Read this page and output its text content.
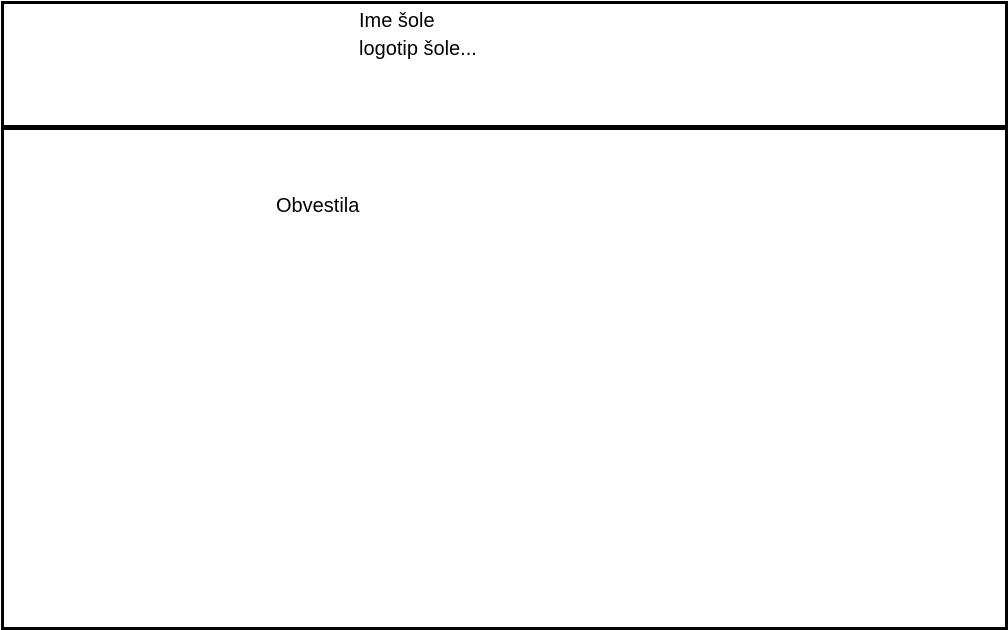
Ime šole
logotip šole...
Obvestila
